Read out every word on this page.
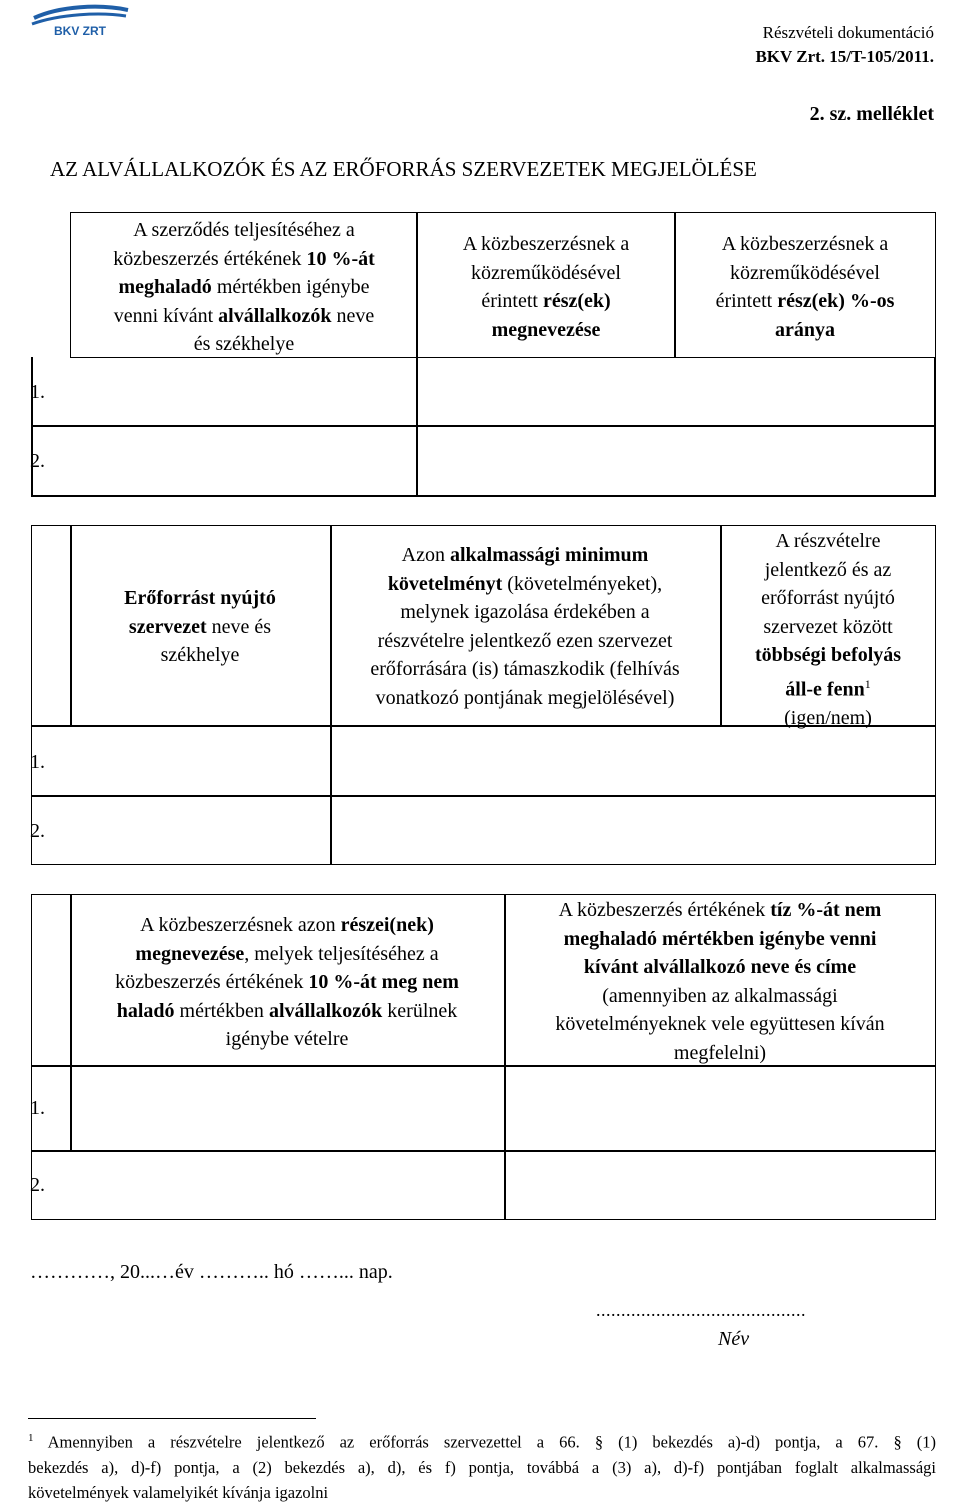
BKV ZRT	Részvételi dokumentáció
BKV Zrt. 15/T-105/2011.
2. sz. melléklet
AZ ALVÁLLALKOZÓK ÉS AZ ERŐFORRÁS SZERVEZETEK MEGJELÖLÉSE
A szerződés teljesítéséhez a
közbeszerzés értékének 10 %-át
meghaladó mértékben igénybe
venni kívánt alvállalkozók neve
és székhelye
A közbeszerzésnek a
közreműködésével
érintett rész(ek)
megnevezése
A közbeszerzésnek a
közreműködésével
érintett rész(ek) %-os
aránya
1.
2.
Erőforrást nyújtó
szervezet neve és
székhelye
Azon alkalmassági minimum
követelményt (követelményeket),
melynek igazolása érdekében a
részvételre jelentkező ezen szervezet
erőforrására (is) támaszkodik (felhívás
vonatkozó pontjának megjelölésével)
A részvételre
jelentkező és az
erőforrást nyújtó
szervezet között
többségi befolyás
áll-e fenn$^1$
(igen/nem)
1.
2.
A közbeszerzésnek azon részei(nek)
megnevezése, melyek teljesítéséhez a
közbeszerzés értékének 10 %-át meg nem
haladó mértékben alvállalkozók kerülnek
igénybe vételre
A közbeszerzés értékének tíz %-át nem
meghaladó mértékben igénybe venni
kívánt alvállalkozó neve és címe
(amennyiben az alkalmassági
követelményeknek vele együttesen kíván
megfelelni)
1.
2.
…………, 20...…év ……….. hó ……... nap.
..........................................
Név
$^1$ Amennyiben a részvételre jelentkező az erőforrás szervezettel a 66. § (1) bekezdés a)-d) pontja, a 67. § (1)
bekezdés a), d)-f) pontja, a (2) bekezdés a), d), és f) pontja, továbbá a (3) a), d)-f) pontjában foglalt alkalmassági
követelmények valamelyikét kívánja igazolni
